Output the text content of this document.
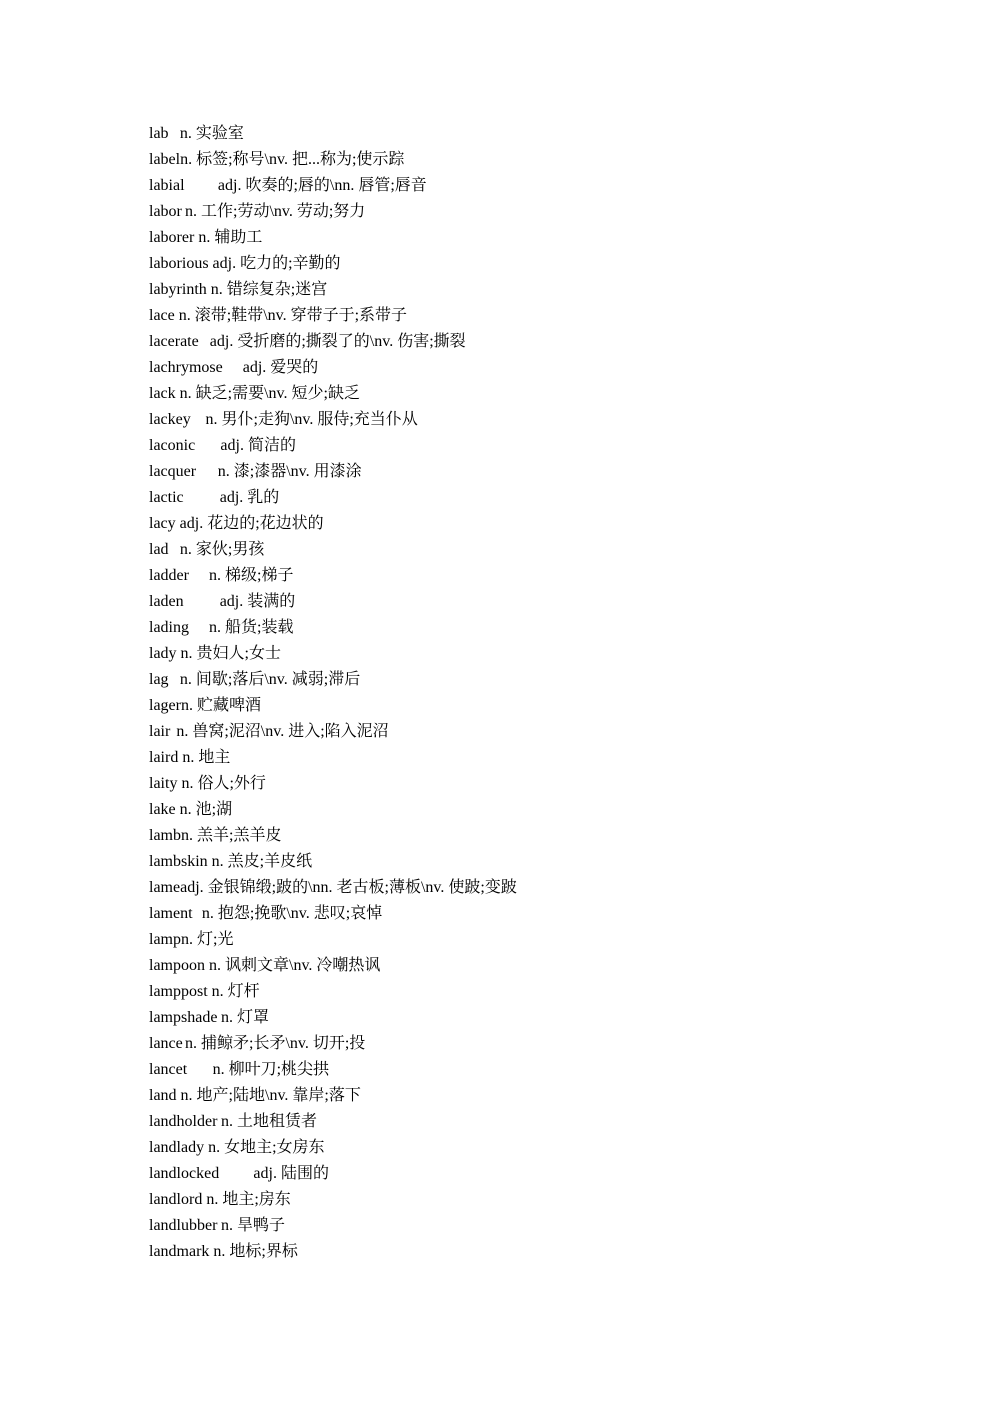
lab	n. 实验室
labeln. 标签;称号\nv. 把...称为;使示踪
labial	adj. 吹奏的;唇的\nn. 唇管;唇音
labor	n. 工作;劳动\nv. 劳动;努力
laborer	n. 辅助工
laborious adj. 吃力的;辛勤的
labyrinth n. 错综复杂;迷宫
lace n. 滚带;鞋带\nv. 穿带子于;系带子
lacerate	adj. 受折磨的;撕裂了的\nv. 伤害;撕裂
lachrymose	adj. 爱哭的
lack n. 缺乏;需要\nv. 短少;缺乏
lackey	n. 男仆;走狗\nv. 服侍;充当仆从
laconic	adj. 简洁的
lacquer	n. 漆;漆器\nv. 用漆涂
lactic	adj. 乳的
lacy adj. 花边的;花边状的
lad	n. 家伙;男孩
ladder	n. 梯级;梯子
laden	adj. 装满的
lading	n. 船货;装载
lady n. 贵妇人;女士
lag	n. 间歇;落后\nv. 减弱;滞后
lagern. 贮藏啤酒
lair	n. 兽窝;泥沼\nv. 进入;陷入泥沼
laird n. 地主
laity n. 俗人;外行
lake n. 池;湖
lambn. 羔羊;羔羊皮
lambskin n. 羔皮;羊皮纸
lameadj. 金银锦缎;跛的\nn. 老古板;薄板\nv. 使跛;变跛
lament	n. 抱怨;挽歌\nv. 悲叹;哀悼
lampn. 灯;光
lampoon n. 讽刺文章\nv. 冷嘲热讽
lamppost n. 灯杆
lampshade	n. 灯罩
lance	n. 捕鲸矛;长矛\nv. 切开;投
lancet	n. 柳叶刀;桃尖拱
land n. 地产;陆地\nv. 靠岸;落下
landholder	n. 土地租赁者
landlady n. 女地主;女房东
landlocked	adj. 陆围的
landlord n. 地主;房东
landlubber	n. 旱鸭子
landmark n. 地标;界标
